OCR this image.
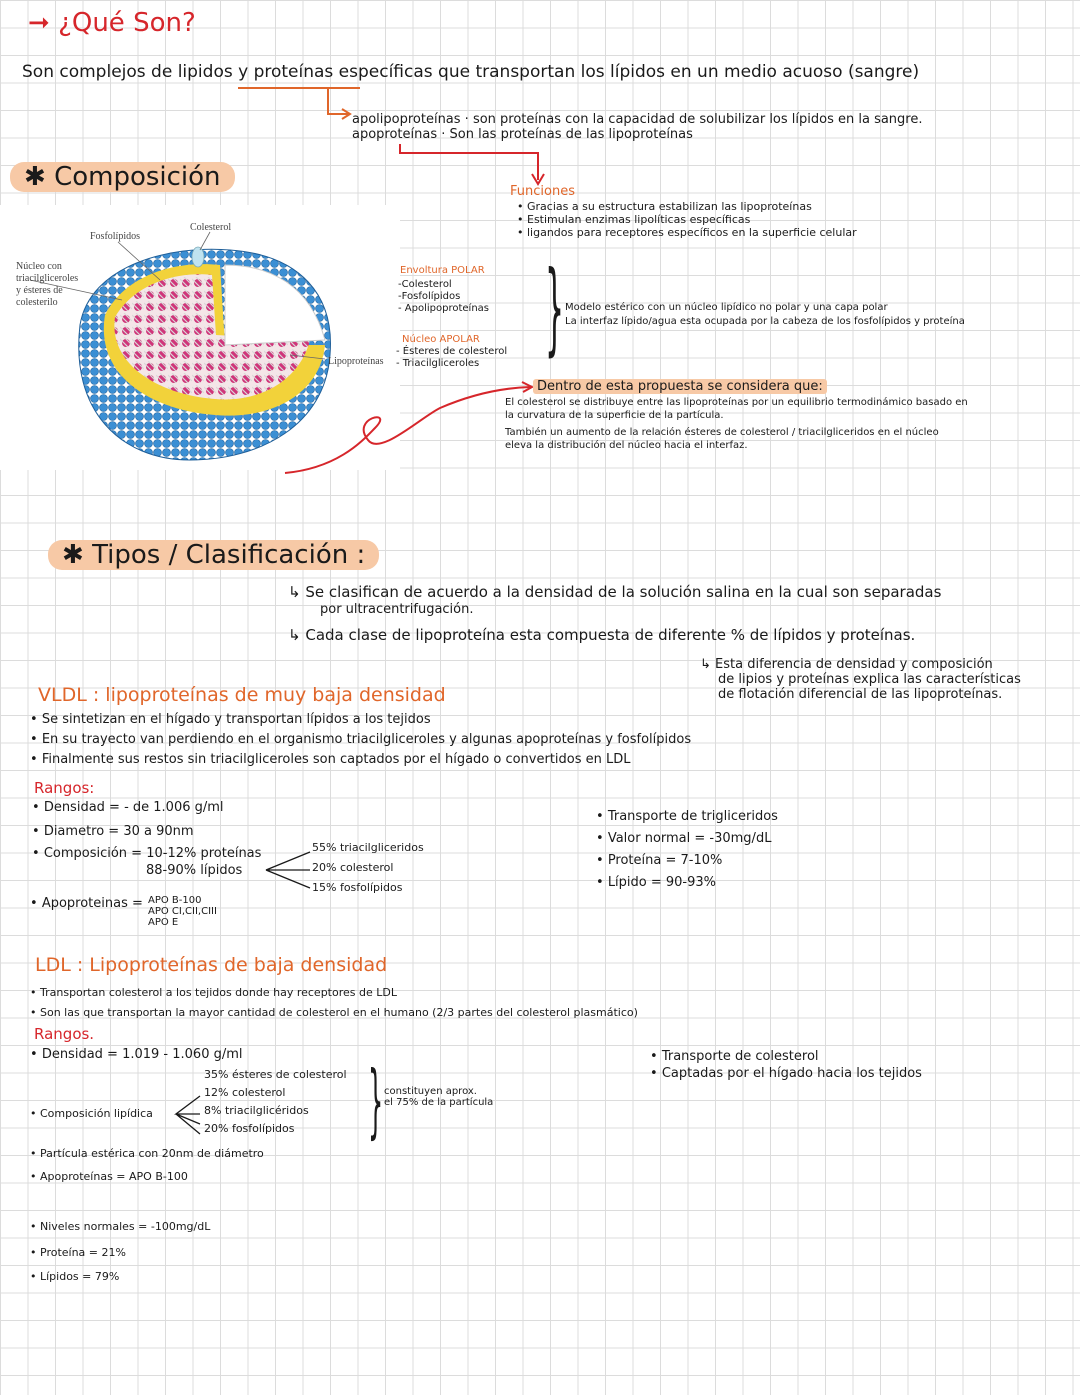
➞ ¿Qué Son?
Son complejos de lipidos y proteínas específicas que transportan los lípidos en un medio acuoso (sangre)
apolipoproteínas · son proteínas con la capacidad de solubilizar los lípidos en la sangre.
apoproteínas · Son las proteínas de las lipoproteínas
✱ Composición	Funciones
• Gracias a su estructura estabilizan las lipoproteínas
• Estimulan enzimas lipolíticas específicas
• ligandos para receptores específicos en la superficie celular
Fosfolípidos
Colesterol
Núcleo con
triacilgliceroles
y ésteres de
colesterilo
Lipoproteínas
Envoltura POLAR
-Colesterol
-Fosfolípidos
- Apolipoproteínas
Núcleo APOLAR
- Ésteres de colesterol
- Triacilgliceroles } Modelo estérico con un núcleo lipídico no polar y una capa polar
La interfaz lípido/agua esta ocupada por la cabeza de los fosfolípidos y proteína
Dentro de esta propuesta se considera que:
El colesterol se distribuye entre las lipoproteínas por un equilibrio termodinámico basado en
la curvatura de la superficie de la partícula.
También un aumento de la relación ésteres de colesterol / triacilgliceridos en el núcleo
eleva la distribución del núcleo hacia el interfaz.
✱ Tipos / Clasificación :
↳ Se clasifican de acuerdo a la densidad de la solución salina en la cual son separadas
por ultracentrifugación.
↳ Cada clase de lipoproteína esta compuesta de diferente % de lípidos y proteínas.
↳ Esta diferencia de densidad y composición
de lipios y proteínas explica las características
de flotación diferencial de las lipoproteínas.
VLDL : lipoproteínas de muy baja densidad
• Se sintetizan en el hígado y transportan lípidos a los tejidos
• En su trayecto van perdiendo en el organismo triacilgliceroles y algunas apoproteínas y fosfolípidos
• Finalmente sus restos sin triacilgliceroles son captados por el hígado o convertidos en LDL
Rangos:
• Densidad = - de 1.006 g/ml
• Diametro = 30 a 90nm
• Composición = 10-12% proteínas
88-90% lípidos
55% triacilgliceridos
20% colesterol
15% fosfolípidos
• Apoproteinas = APO B-100
APO CI,CII,CIII
APO E
• Transporte de trigliceridos
• Valor normal = -30mg/dL
• Proteína = 7-10%
• Lípido = 90-93%
LDL : Lipoproteínas de baja densidad
• Transportan colesterol a los tejidos donde hay receptores de LDL
• Son las que transportan la mayor cantidad de colesterol en el humano (2/3 partes del colesterol plasmático)
Rangos.
• Densidad = 1.019 - 1.060 g/ml
• Composición lipídica
35% ésteres de colesterol
12% colesterol
8% triacilglicéridos
20% fosfolípidos } constituyen aprox.
el 75% de la partícula
• Partícula estérica con 20nm de diámetro
• Apoproteínas = APO B-100
• Niveles normales = -100mg/dL
• Proteína = 21%
• Lípidos = 79%
• Transporte de colesterol
• Captadas por el hígado hacia los tejidos
